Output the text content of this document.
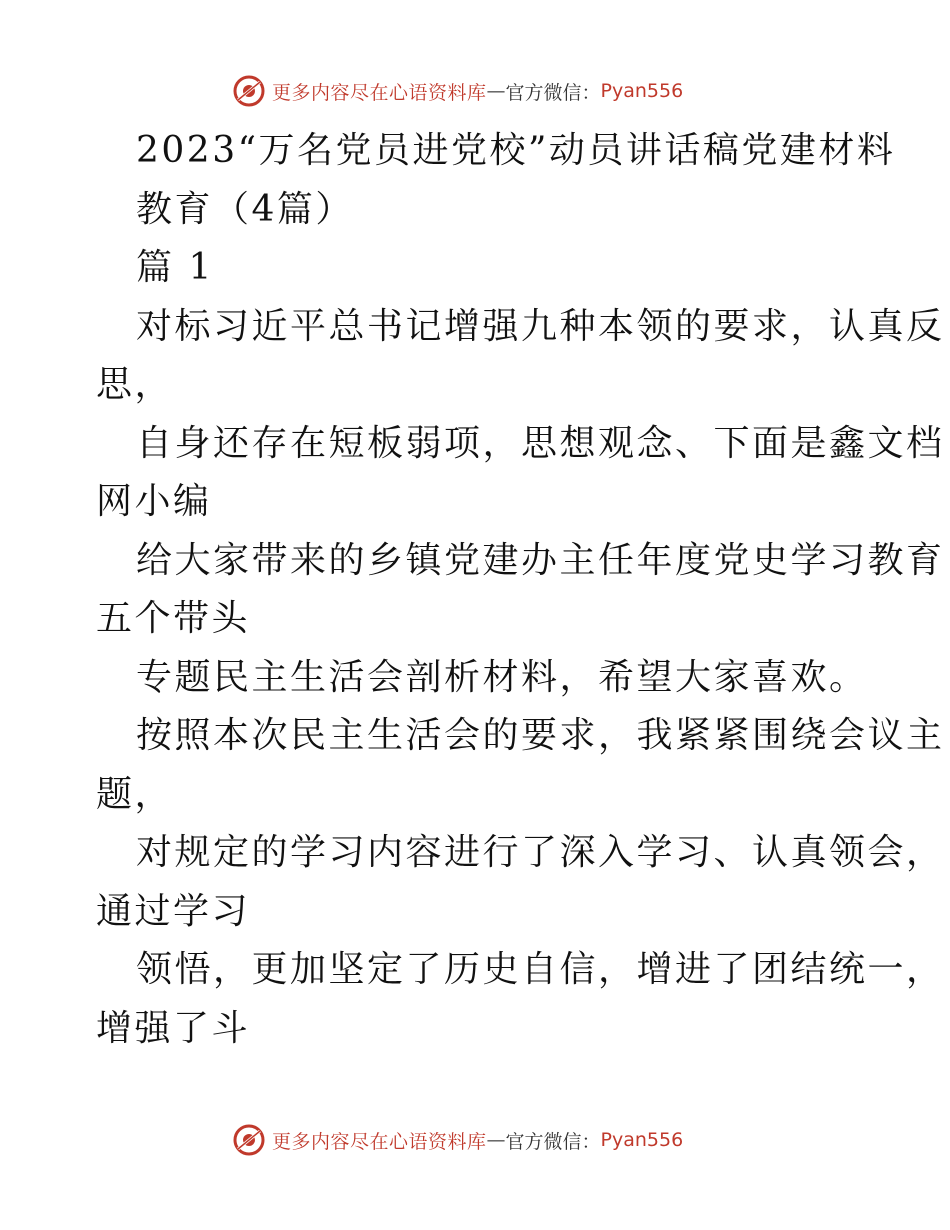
更多内容尽在心语资料库 — 官方微信： Pyan556
2023“万名党员进党校”动员讲话稿党建材料
教育（4篇）
篇 1
对标习近平总书记增强九种本领的要求，认真反
思，
自身还存在短板弱项，思想观念、下面是鑫文档
网小编
给大家带来的乡镇党建办主任年度党史学习教育
五个带头
专题民主生活会剖析材料，希望大家喜欢。
按照本次民主生活会的要求，我紧紧围绕会议主
题，
对规定的学习内容进行了深入学习、认真领会，
通过学习
领悟，更加坚定了历史自信，增进了团结统一，
增强了斗
更多内容尽在心语资料库 — 官方微信： Pyan556
